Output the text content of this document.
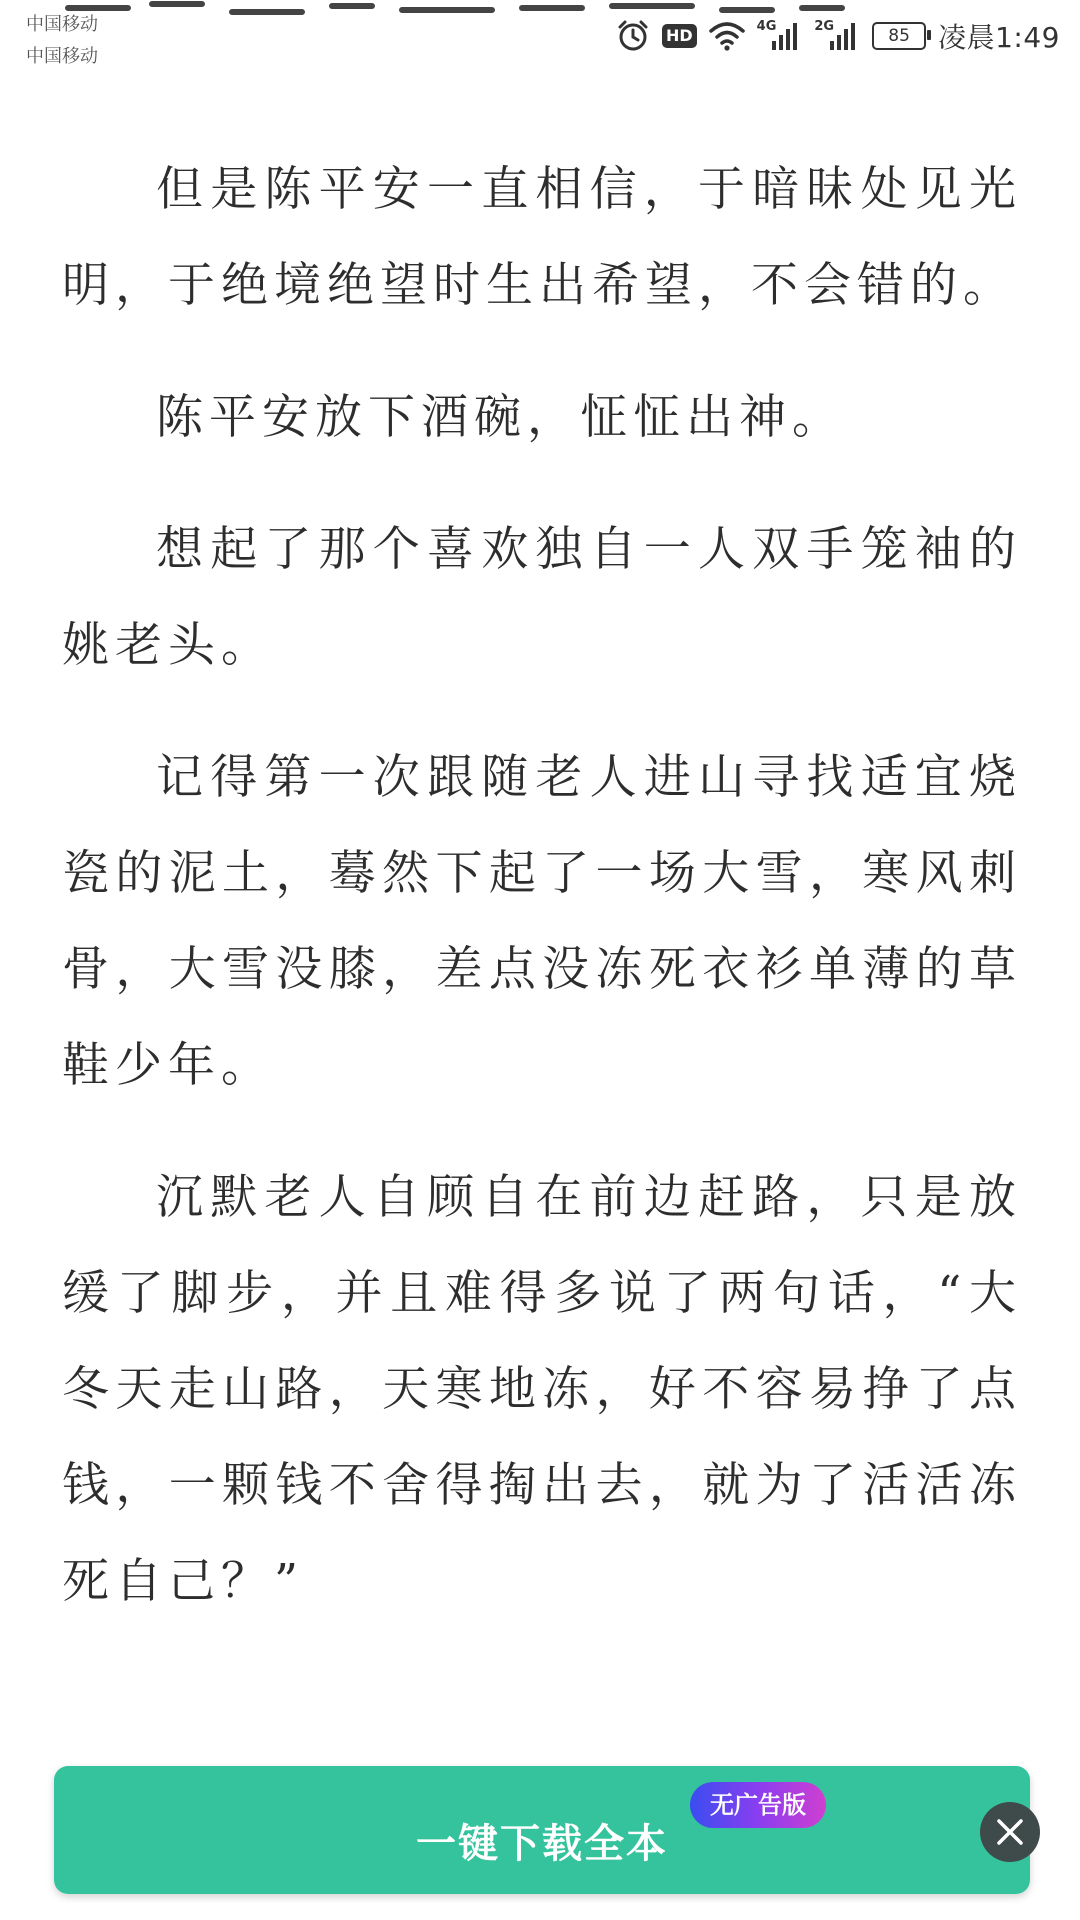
中国移动
中国移动
HD	4G	2G	85 凌晨1:49

但是陈平安一直相信，于暗昧处见光明，于绝境绝望时生出希望，不会错的。

陈平安放下酒碗，怔怔出神。

想起了那个喜欢独自一人双手笼袖的姚老头。

记得第一次跟随老人进山寻找适宜烧瓷的泥土，蓦然下起了一场大雪，寒风刺骨，大雪没膝，差点没冻死衣衫单薄的草鞋少年。

沉默老人自顾自在前边赶路，只是放缓了脚步，并且难得多说了两句话，“大冬天走山路，天寒地冻，好不容易挣了点钱，一颗钱不舍得掏出去，就为了活活冻死自己？”

一键下载全本
无广告版
